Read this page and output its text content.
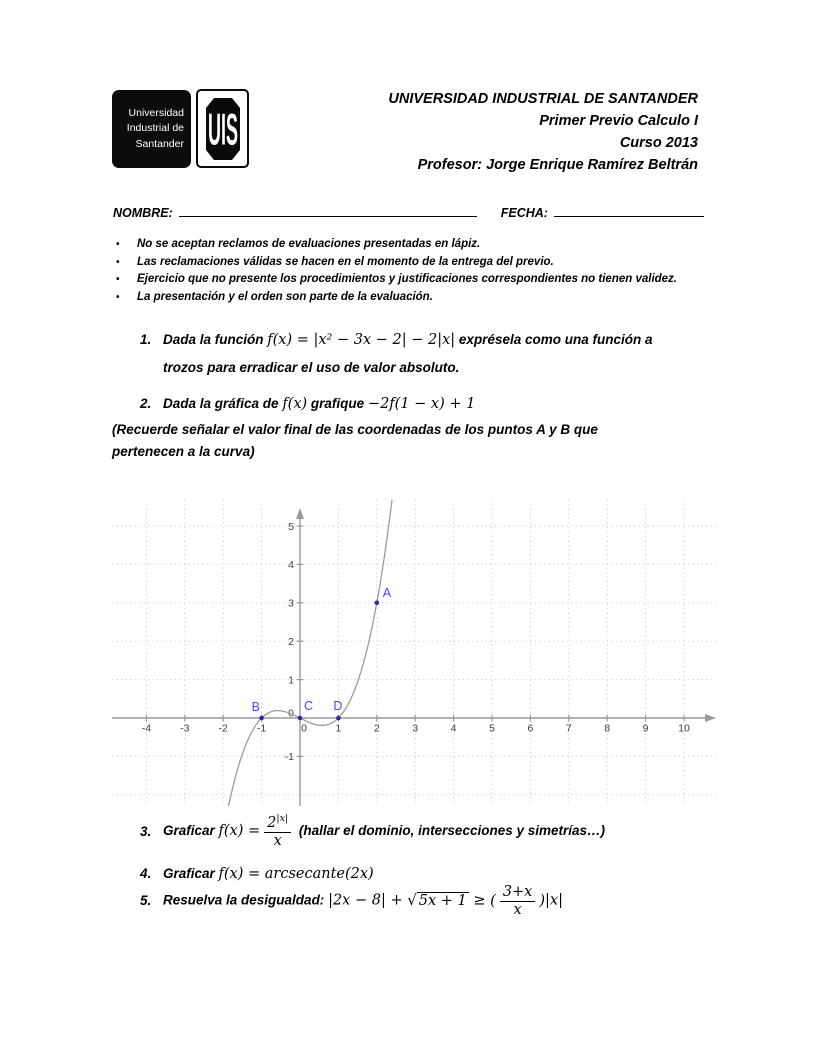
Universidad
Industrial de
Santander UIS
UNIVERSIDAD INDUSTRIAL DE SANTANDER
Primer Previo Calculo I
Curso 2013
Profesor: Jorge Enrique Ramírez Beltrán
NOMBRE:	FECHA:
•	No se aceptan reclamos de evaluaciones presentadas en lápiz.
•	Las reclamaciones válidas se hacen en el momento de la entrega del previo.
•	Ejercicio que no presente los procedimientos y justificaciones correspondientes no tienen validez.
•	La presentación y el orden son parte de la evaluación.
1. Dada la función f(x) = |x² − 3x − 2| − 2|x| exprésela como una función a
trozos para erradicar el uso de valor absoluto.
2. Dada la gráfica de f(x) grafique −2f(1 − x) + 1
(Recuerde señalar el valor final de las coordenadas de los puntos A y B que
pertenecen a la curva)
-4	-3	-2	-1	0	1	2	3	4	5	6	7	8	9	10
-1
0
1
2
3
4
5
A
B	C D
3. Graficar $f(x) = \frac{2^{|x|}}{x}$ (hallar el dominio, intersecciones y simetrías…)
4. Graficar f(x) = arcsecante(2x)
5. Resuelva la desigualdad: |2x − 8| + √ 5x + 1 ≥ ( $\frac{3+x}{x} )|x|$
